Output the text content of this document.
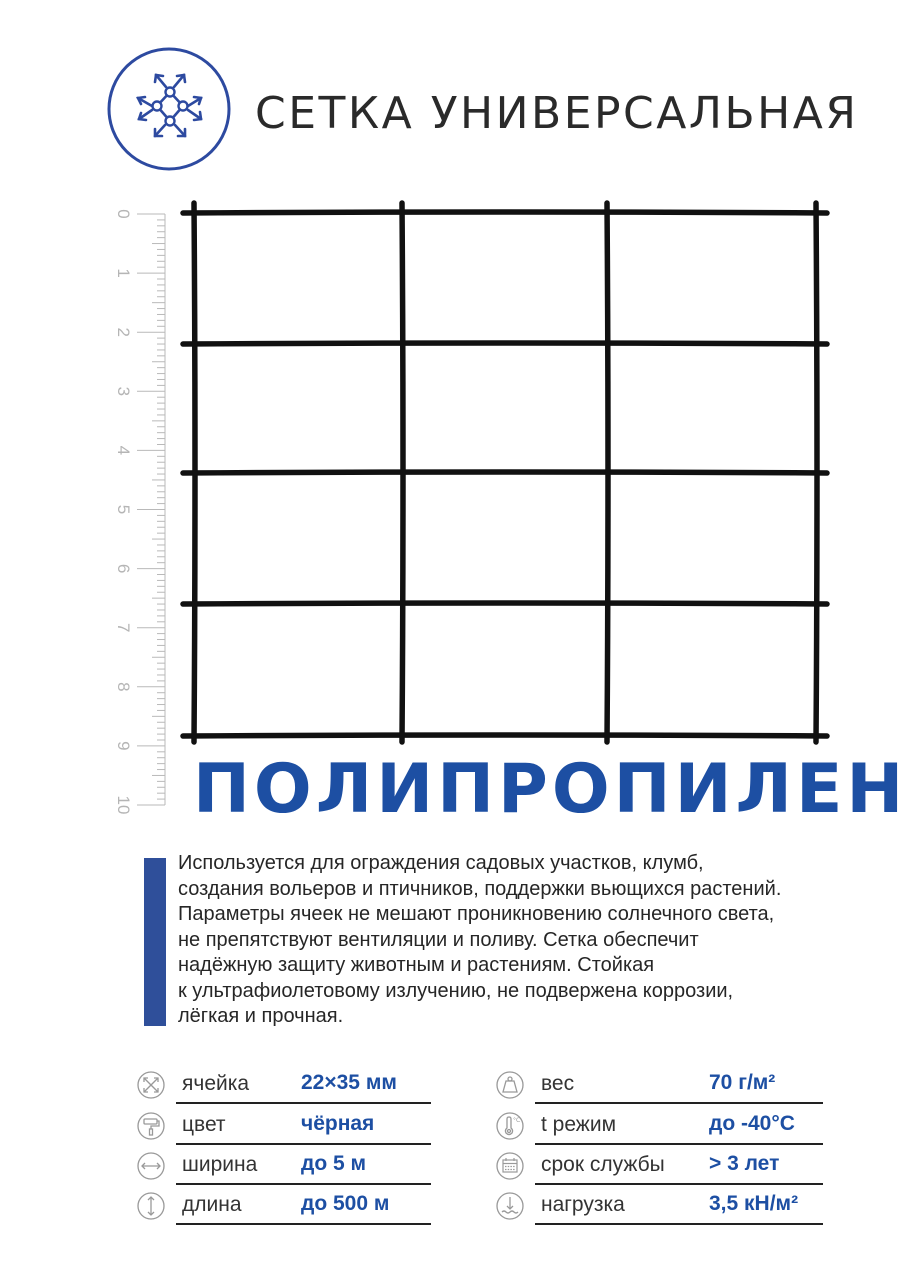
СЕТКА УНИВЕРСАЛЬНАЯ
0
1
2
3
4
5
6
7
8
9
10 ПОЛИПРОПИЛЕН

Используется для ограждения садовых участков, клумб,
создания вольеров и птичников, поддержки вьющихся растений.
Параметры ячеек не мешают проникновению солнечного света,
не препятствуют вентиляции и поливу. Сетка обеспечит
надёжную защиту животным и растениям. Стойкая
к ультрафиолетовому излучению, не подвержена коррозии,
лёгкая и прочная.

ячейка 22×35 мм
цвет	чёрная
ширина до 5 м
длина	до 500 м
вес	70 г/м²
°C t режим	до -40°C
срок службы > 3 лет
нагрузка	3,5 кН/м²
